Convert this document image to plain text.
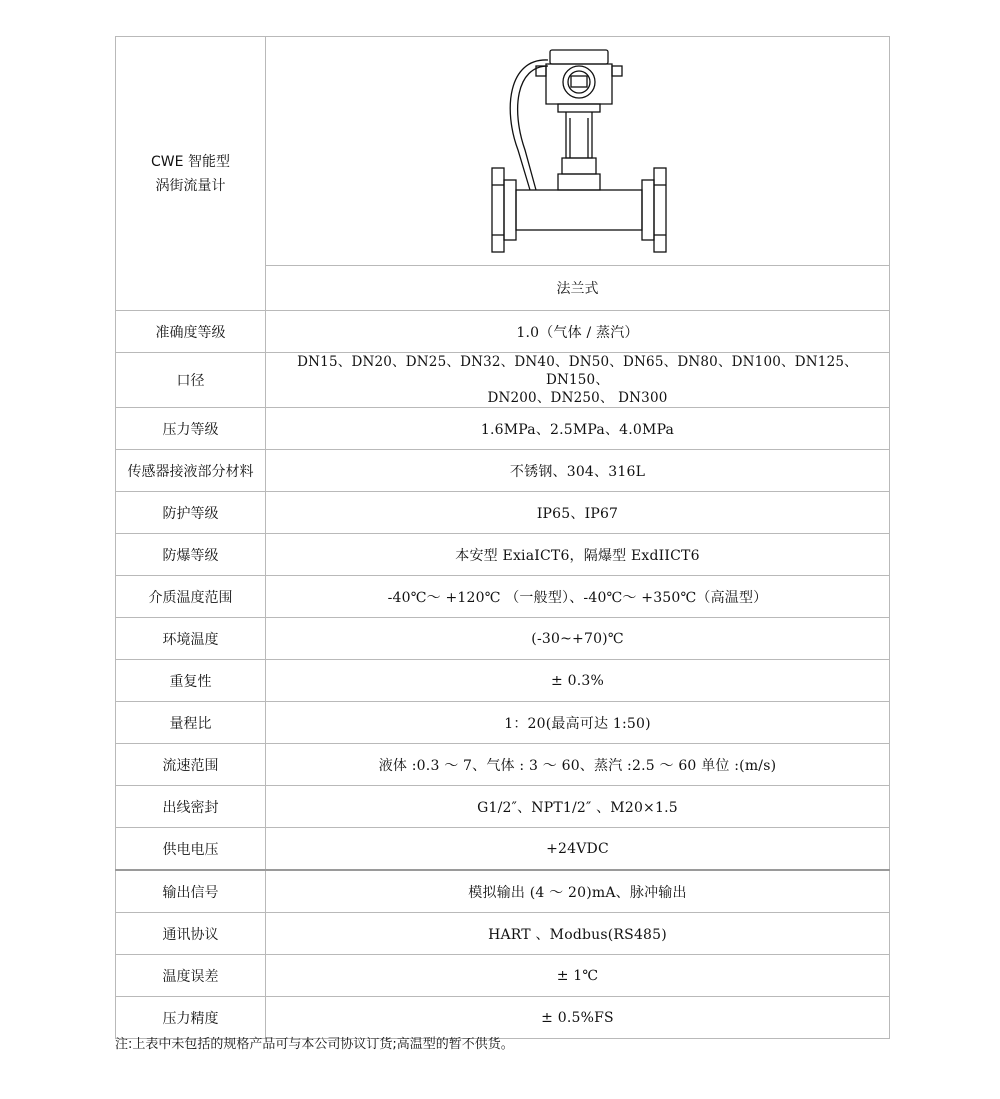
CWE 智能型
涡街流量计

	法兰式
准确度等级	1.0（气体 / 蒸汽）
口径	DN15、DN20、DN25、DN32、DN40、DN50、DN65、DN80、DN100、DN125、DN150、
DN200、DN250、 DN300

压力等级	1.6MPa、2.5MPa、4.0MPa
传感器接液部分材料	不锈钢、304、316L
防护等级	IP65、IP67
防爆等级	本安型 ExiaICT6，隔爆型 ExdIICT6
介质温度范围	-40℃～ +120℃ （一般型）、-40℃～ +350℃（高温型）
环境温度	(-30~+70)℃
重复性	± 0.3%
量程比	1：20(最高可达 1:50)
流速范围	液体 :0.3 ～ 7、气体 : 3 ～ 60、蒸汽 :2.5 ～ 60 单位 :(m/s)
出线密封	G1/2″、NPT1/2″ 、M20×1.5
供电电压	+24VDC
输出信号	模拟输出 (4 ～ 20)mA、脉冲输出
通讯协议	HART 、Modbus(RS485)
温度误差	± 1℃
压力精度	± 0.5%FS
注:上表中未包括的规格产品可与本公司协议订货;高温型的暂不供货。
